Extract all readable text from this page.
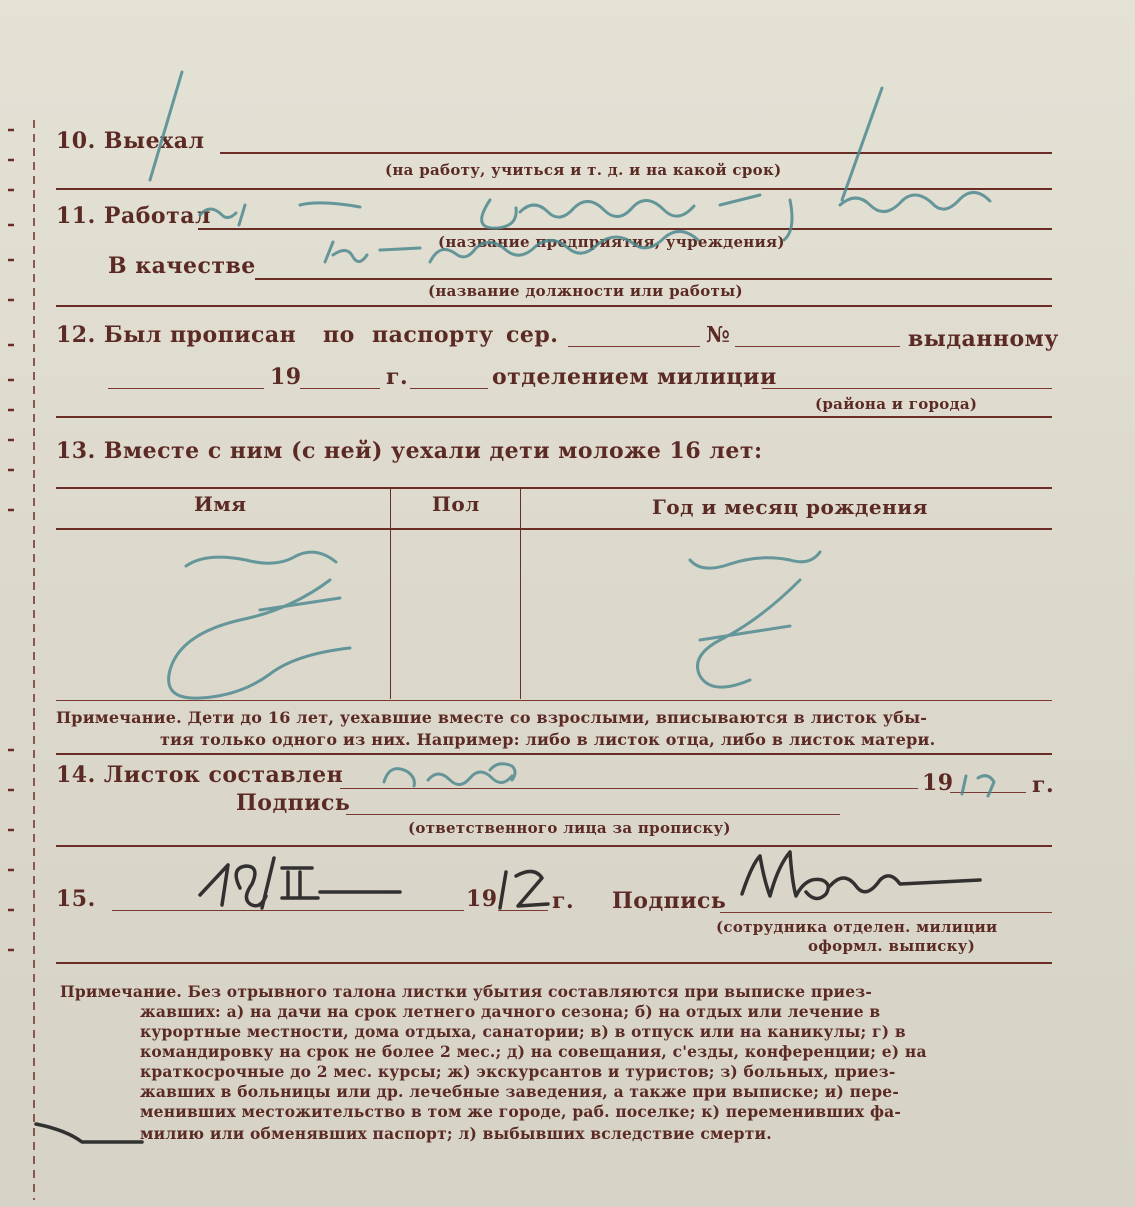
10. Выехал
(на работу, учиться и т. д. и на какой срок)
11. Работал
(название предприятия, учреждения)
В качестве
(название должности или работы)
12. Был прописан по паспорту сер.	№	выданному
19	г.	отделением милиции
(района и города)
13. Вместе с ним (с ней) уехали дети моложе 16 лет:
Имя	Пол	Год и месяц рождения
Примечание. Дети до 16 лет, уехавшие вместе со взрослыми, вписываются в листок убы-
тия только одного из них. Например: либо в листок отца, либо в листок матери.
14. Листок составлен	19	г.
Подпись
(ответственного лица за прописку)
15.	19 г. Подпись
(сотрудника отделен. милиции
оформл. выписку)
Примечание. Без отрывного талона листки убытия составляются при выписке приез-
жавших: а) на дачи на срок летнего дачного сезона; б) на отдых или лечение в
курортные местности, дома отдыха, санатории; в) в отпуск или на каникулы; г) в
командировку на срок не более 2 мес.; д) на совещания, с'езды, конференции; е) на
краткосрочные до 2 мес. курсы; ж) экскурсантов и туристов; з) больных, приез-
жавших в больницы или др. лечебные заведения, а также при выписке; и) пере-
менивших местожительство в том же городе, раб. поселке; к) переменивших фа-
милию или обменявших паспорт; л) выбывших вследствие смерти.
